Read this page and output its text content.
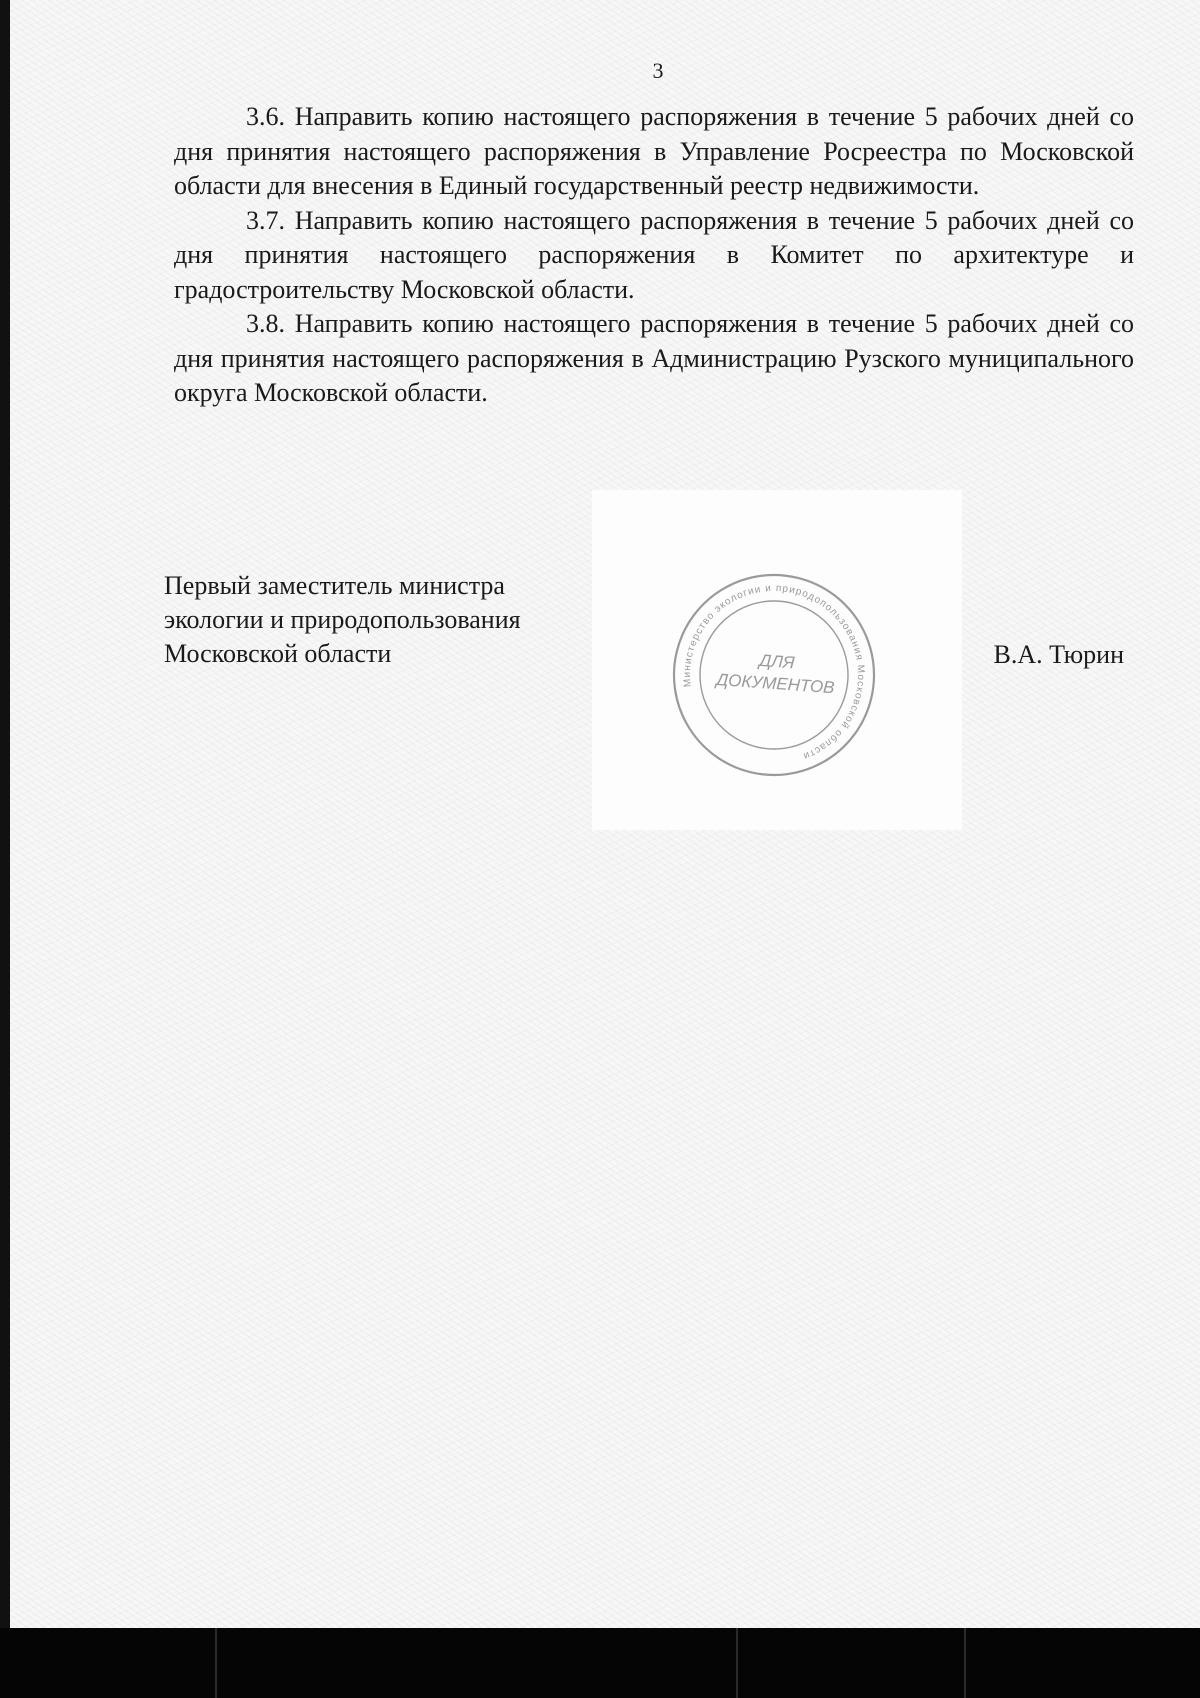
3

3.6. Направить копию настоящего распоряжения в течение 5 рабочих дней со дня принятия настоящего распоряжения в Управление Росреестра по Московской области для внесения в Единый государственный реестр недвижимости.

3.7. Направить копию настоящего распоряжения в течение 5 рабочих дней со дня принятия настоящего распоряжения в Комитет по архитектуре и градостроительству Московской области.

3.8. Направить копию настоящего распоряжения в течение 5 рабочих дней со дня принятия настоящего распоряжения в Администрацию Рузского муниципального округа Московской области.

Первый заместитель министра
экологии и природопользования
Московской области
Министерство экологии и природопользования Московской области
ДЛЯ
ДОКУМЕНТОВ
В.А. Тюрин
